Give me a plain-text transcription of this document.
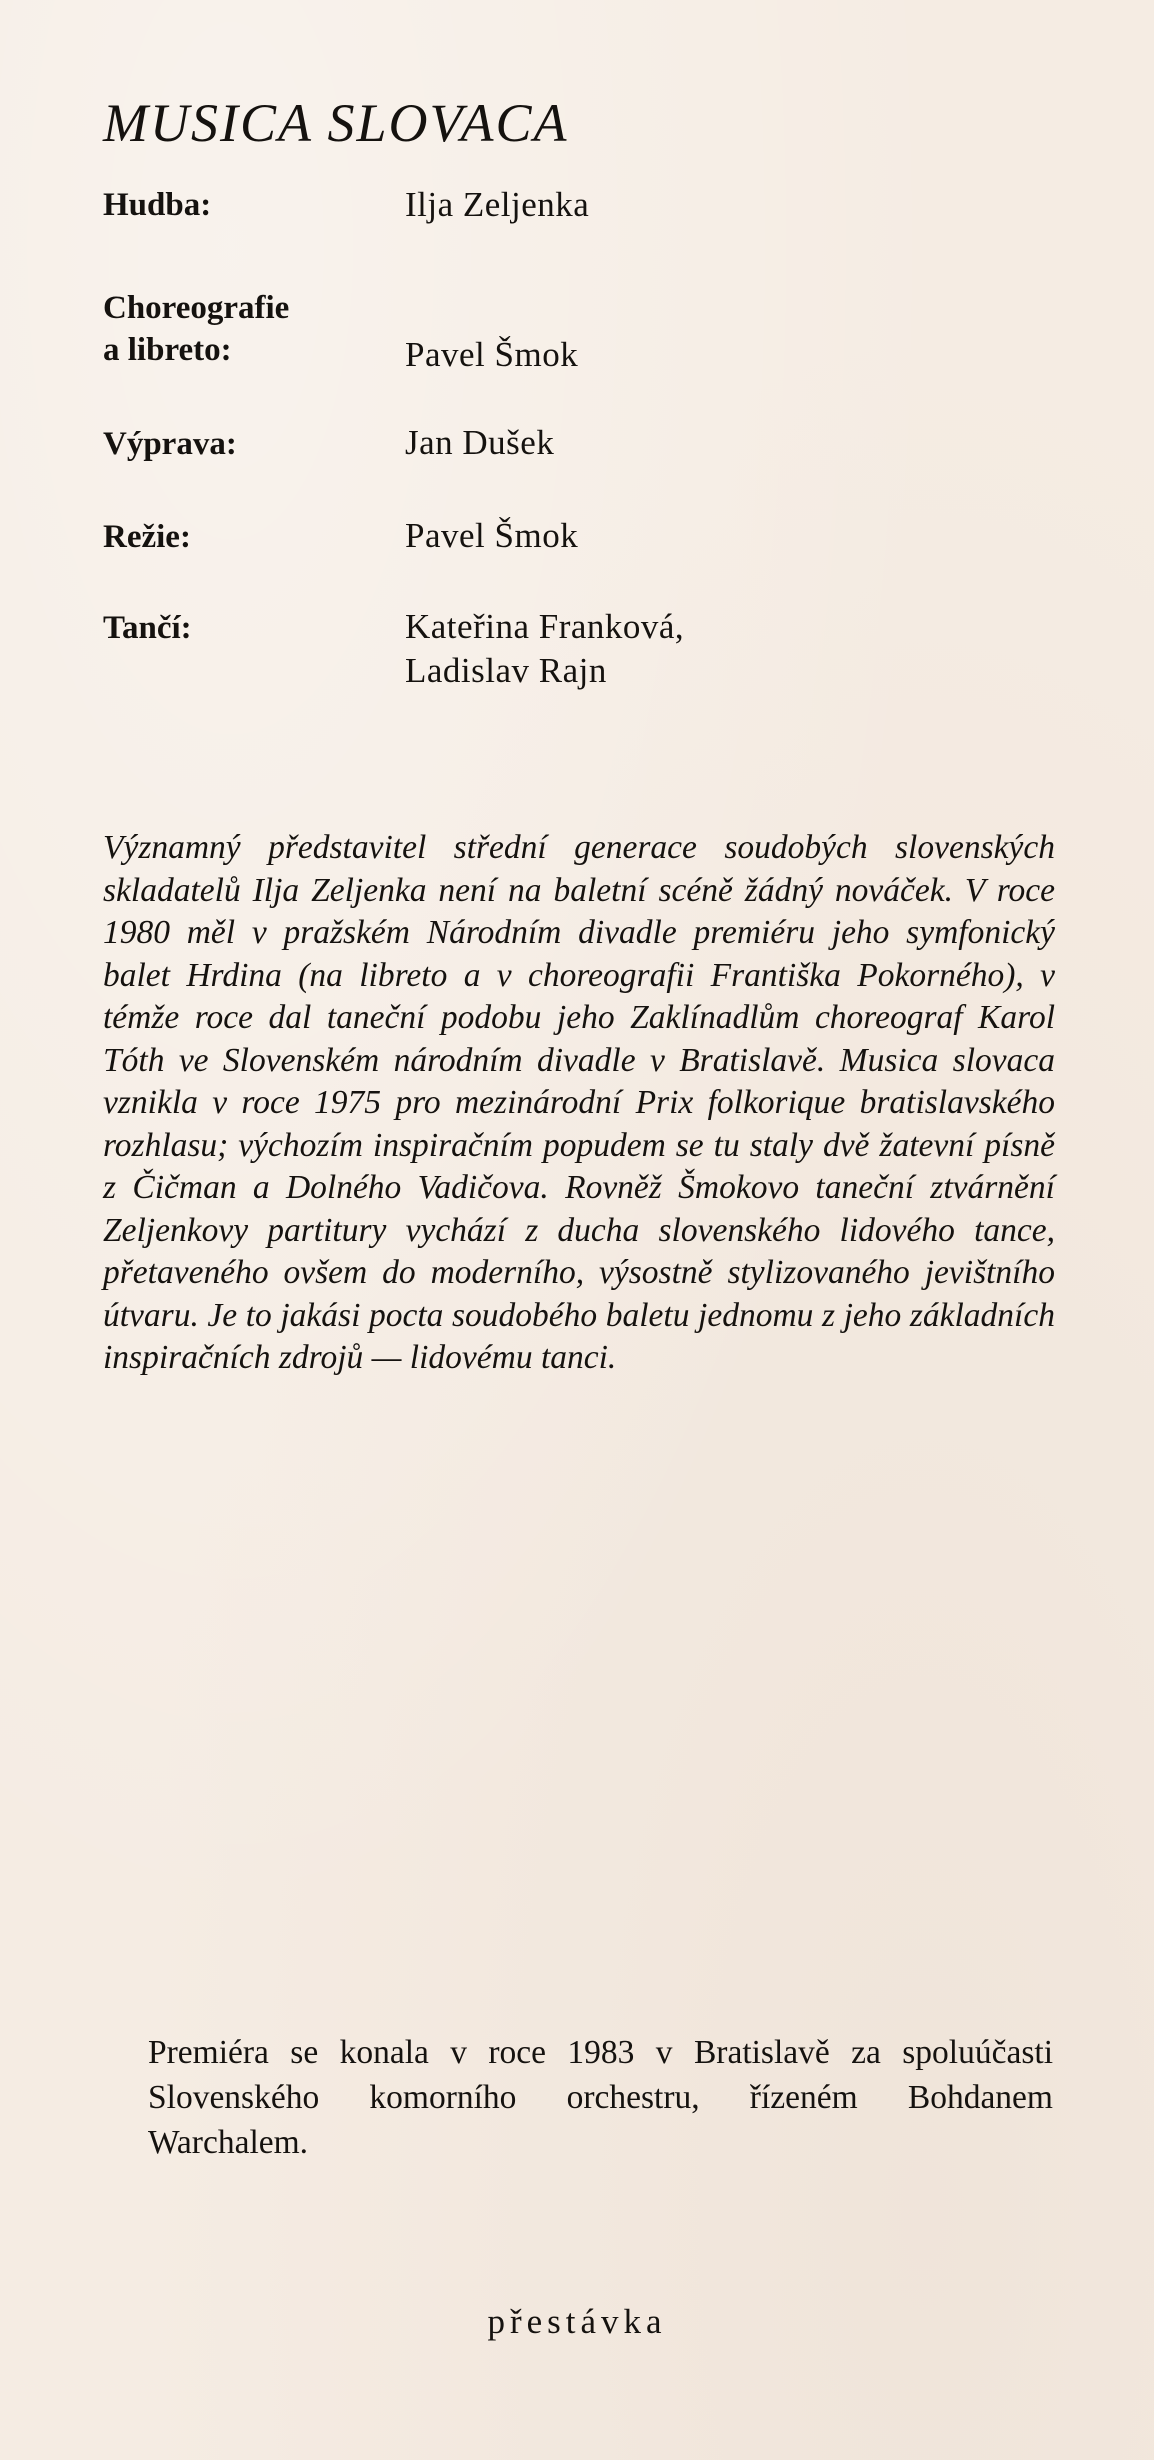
MUSICA SLOVACA
Hudba:	Ilja Zeljenka
Choreografie
a libreto:	Pavel Šmok
Výprava:	Jan Dušek
Režie:	Pavel Šmok
Tančí:	Kateřina Franková,
Ladislav Rajn

Významný představitel střední generace soudobých slovenských skladatelů Ilja Zeljenka není na baletní scéně žádný nováček. V roce 1980 měl v pražském Národním divadle premiéru jeho symfonický balet Hrdina (na libreto a v choreografii Františka Pokorného), v témže roce dal taneční podobu jeho Zaklínadlům choreograf Karol Tóth ve Slovenském národním divadle v Bratislavě. Musica slovaca vznikla v roce 1975 pro mezinárodní Prix folkorique bratislavského rozhlasu; výchozím inspiračním popudem se tu staly dvě žatevní písně z Čičman a Dolného Vadičova. Rovněž Šmokovo taneční ztvárnění Zeljenkovy partitury vychází z ducha slovenského lidového tance, přetaveného ovšem do moderního, výsostně stylizovaného jevištního útvaru. Je to jakási pocta soudobého baletu jednomu z jeho základních inspiračních zdrojů — lidovému tanci.

Premiéra se konala v roce 1983 v Bratislavě za spoluúčasti Slovenského komorního orchestru, řízeném Bohdanem Warchalem.

přestávka
